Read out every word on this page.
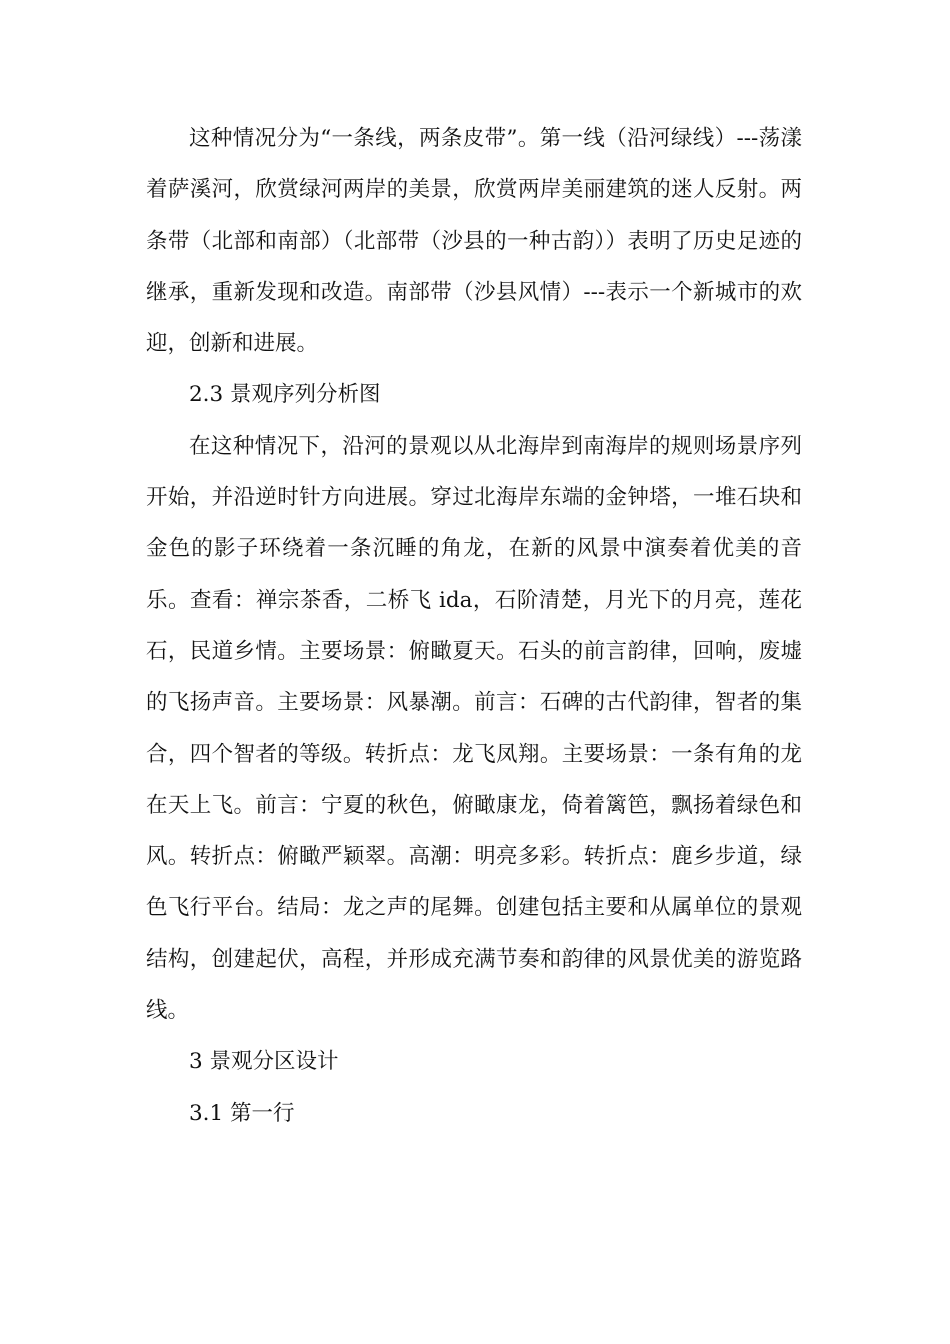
这种情况分为“一条线，两条皮带”。第一线（沿河绿线）---荡漾着萨溪河，欣赏绿河两岸的美景，欣赏两岸美丽建筑的迷人反射。两条带（北部和南部）（北部带（沙县的一种古韵））表明了历史足迹的继承，重新发现和改造。南部带（沙县风情）---表示一个新城市的欢迎，创新和进展。

2.3 景观序列分析图

在这种情况下，沿河的景观以从北海岸到南海岸的规则场景序列开始，并沿逆时针方向进展。穿过北海岸东端的金钟塔，一堆石块和金色的影子环绕着一条沉睡的角龙，在新的风景中演奏着优美的音乐。查看：禅宗茶香，二桥飞 ida，石阶清楚，月光下的月亮，莲花石，民道乡情。主要场景：俯瞰夏天。石头的前言韵律，回响，废墟的飞扬声音。主要场景：风暴潮。前言：石碑的古代韵律，智者的集合，四个智者的等级。转折点：龙飞凤翔。主要场景：一条有角的龙在天上飞。前言：宁夏的秋色，俯瞰康龙，倚着篱笆，飘扬着绿色和风。转折点：俯瞰严颖翠。高潮：明亮多彩。转折点：鹿乡步道，绿色飞行平台。结局：龙之声的尾舞。创建包括主要和从属单位的景观结构，创建起伏，高程，并形成充满节奏和韵律的风景优美的游览路线。

3 景观分区设计

3.1 第一行
